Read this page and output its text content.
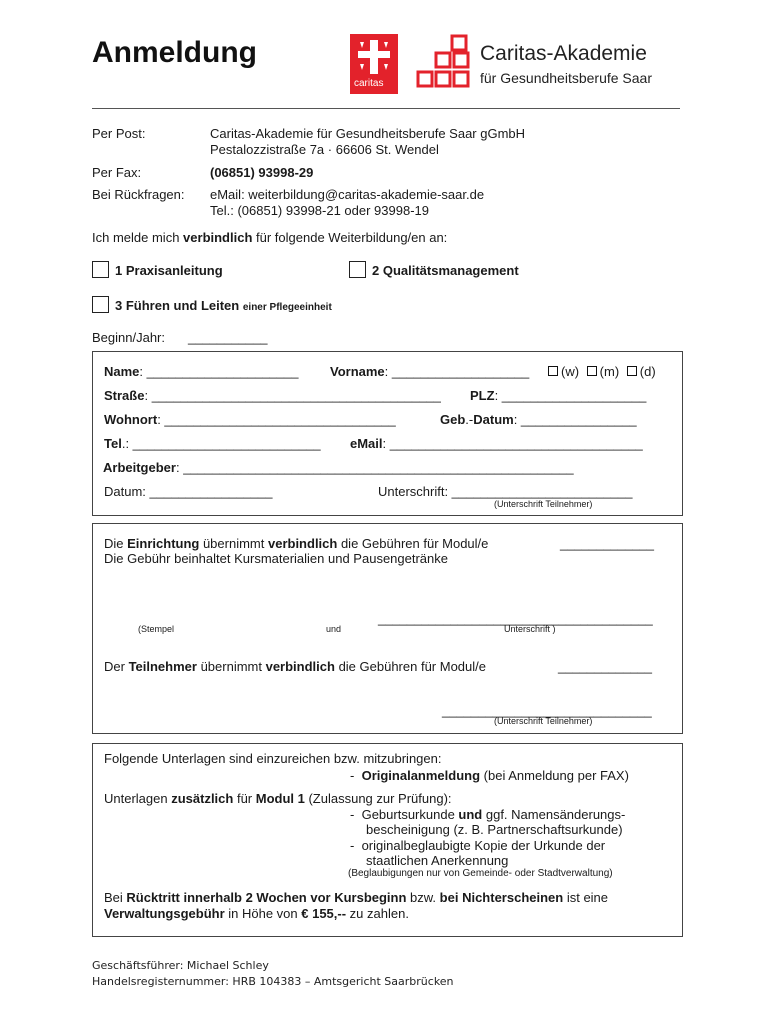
Anmeldung
caritas
Caritas-Akademie
für Gesundheitsberufe Saar
Per Post:	Caritas-Akademie für Gesundheitsberufe Saar gGmbH
Pestalozzistraße 7a · 66606 St. Wendel
Per Fax:	(06851) 93998-29
Bei Rückfragen: eMail: weiterbildung@caritas-akademie-saar.de
Tel.: (06851) 93998-21 oder 93998-19
Ich melde mich verbindlich für folgende Weiterbildung/en an:
1 Praxisanleitung	2 Qualitätsmanagement
3 Führen und Leiten einer Pflegeeinheit
Beginn/Jahr: ___________
Name: _____________________ Vorname: ___________________	(w) (m) (d)
Straße: ________________________________________ PLZ: ____________________
Wohnort: ________________________________	Geb.-Datum: ________________
Tel.: __________________________ eMail: ___________________________________
Arbeitgeber: ______________________________________________________
Datum: _________________	Unterschrift: _________________________
(Unterschrift Teilnehmer)
Die Einrichtung übernimmt verbindlich die Gebühren für Modul/e	_____________
Die Gebühr beinhaltet Kursmaterialien und Pausengetränke
______________________________________
(Stempel	und	Unterschrift )
Der Teilnehmer übernimmt verbindlich die Gebühren für Modul/e	_____________
_____________________________
(Unterschrift Teilnehmer)
Folgende Unterlagen sind einzureichen bzw. mitzubringen:
- Originalanmeldung (bei Anmeldung per FAX)
Unterlagen zusätzlich für Modul 1 (Zulassung zur Prüfung):
- Geburtsurkunde und ggf. Namensänderungs-
bescheinigung (z. B. Partnerschaftsurkunde)
- originalbeglaubigte Kopie der Urkunde der
staatlichen Anerkennung
(Beglaubigungen nur von Gemeinde- oder Stadtverwaltung)
Bei Rücktritt innerhalb 2 Wochen vor Kursbeginn bzw. bei Nichterscheinen ist eine
Verwaltungsgebühr in Höhe von € 155,-- zu zahlen.
Geschäftsführer: Michael Schley
Handelsregisternummer: HRB 104383 – Amtsgericht Saarbrücken
